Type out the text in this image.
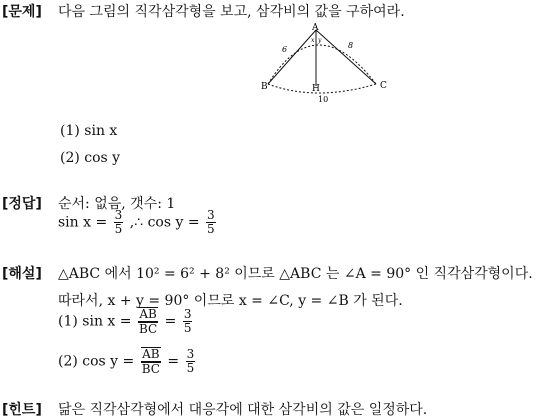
[문제] 다음 그림의 직각삼각형을 보고, 삼각비의 값을 구하여라.
A
B	C
H
6	8
10
x y
(1) sin x
(2) cos y
[정답] 순서: 없음, 갯수: 1
$\sin x = \frac{3}{5}$ ,∴ $\cos y = \frac{3}{5}$
[해설] △ABC 에서 10² = 6² + 8² 이므로 △ABC 는 ∠A = 90° 인 직각삼각형이다.
따라서, x + y = 90° 이므로 x = ∠C, y = ∠B 가 된다.
(1) $\sin x = \frac{AB}{BC} = \frac{3}{5}$
(2) $\cos y = \frac{AB}{BC} = \frac{3}{5}$
[힌트] 닮은 직각삼각형에서 대응각에 대한 삼각비의 값은 일정하다.
